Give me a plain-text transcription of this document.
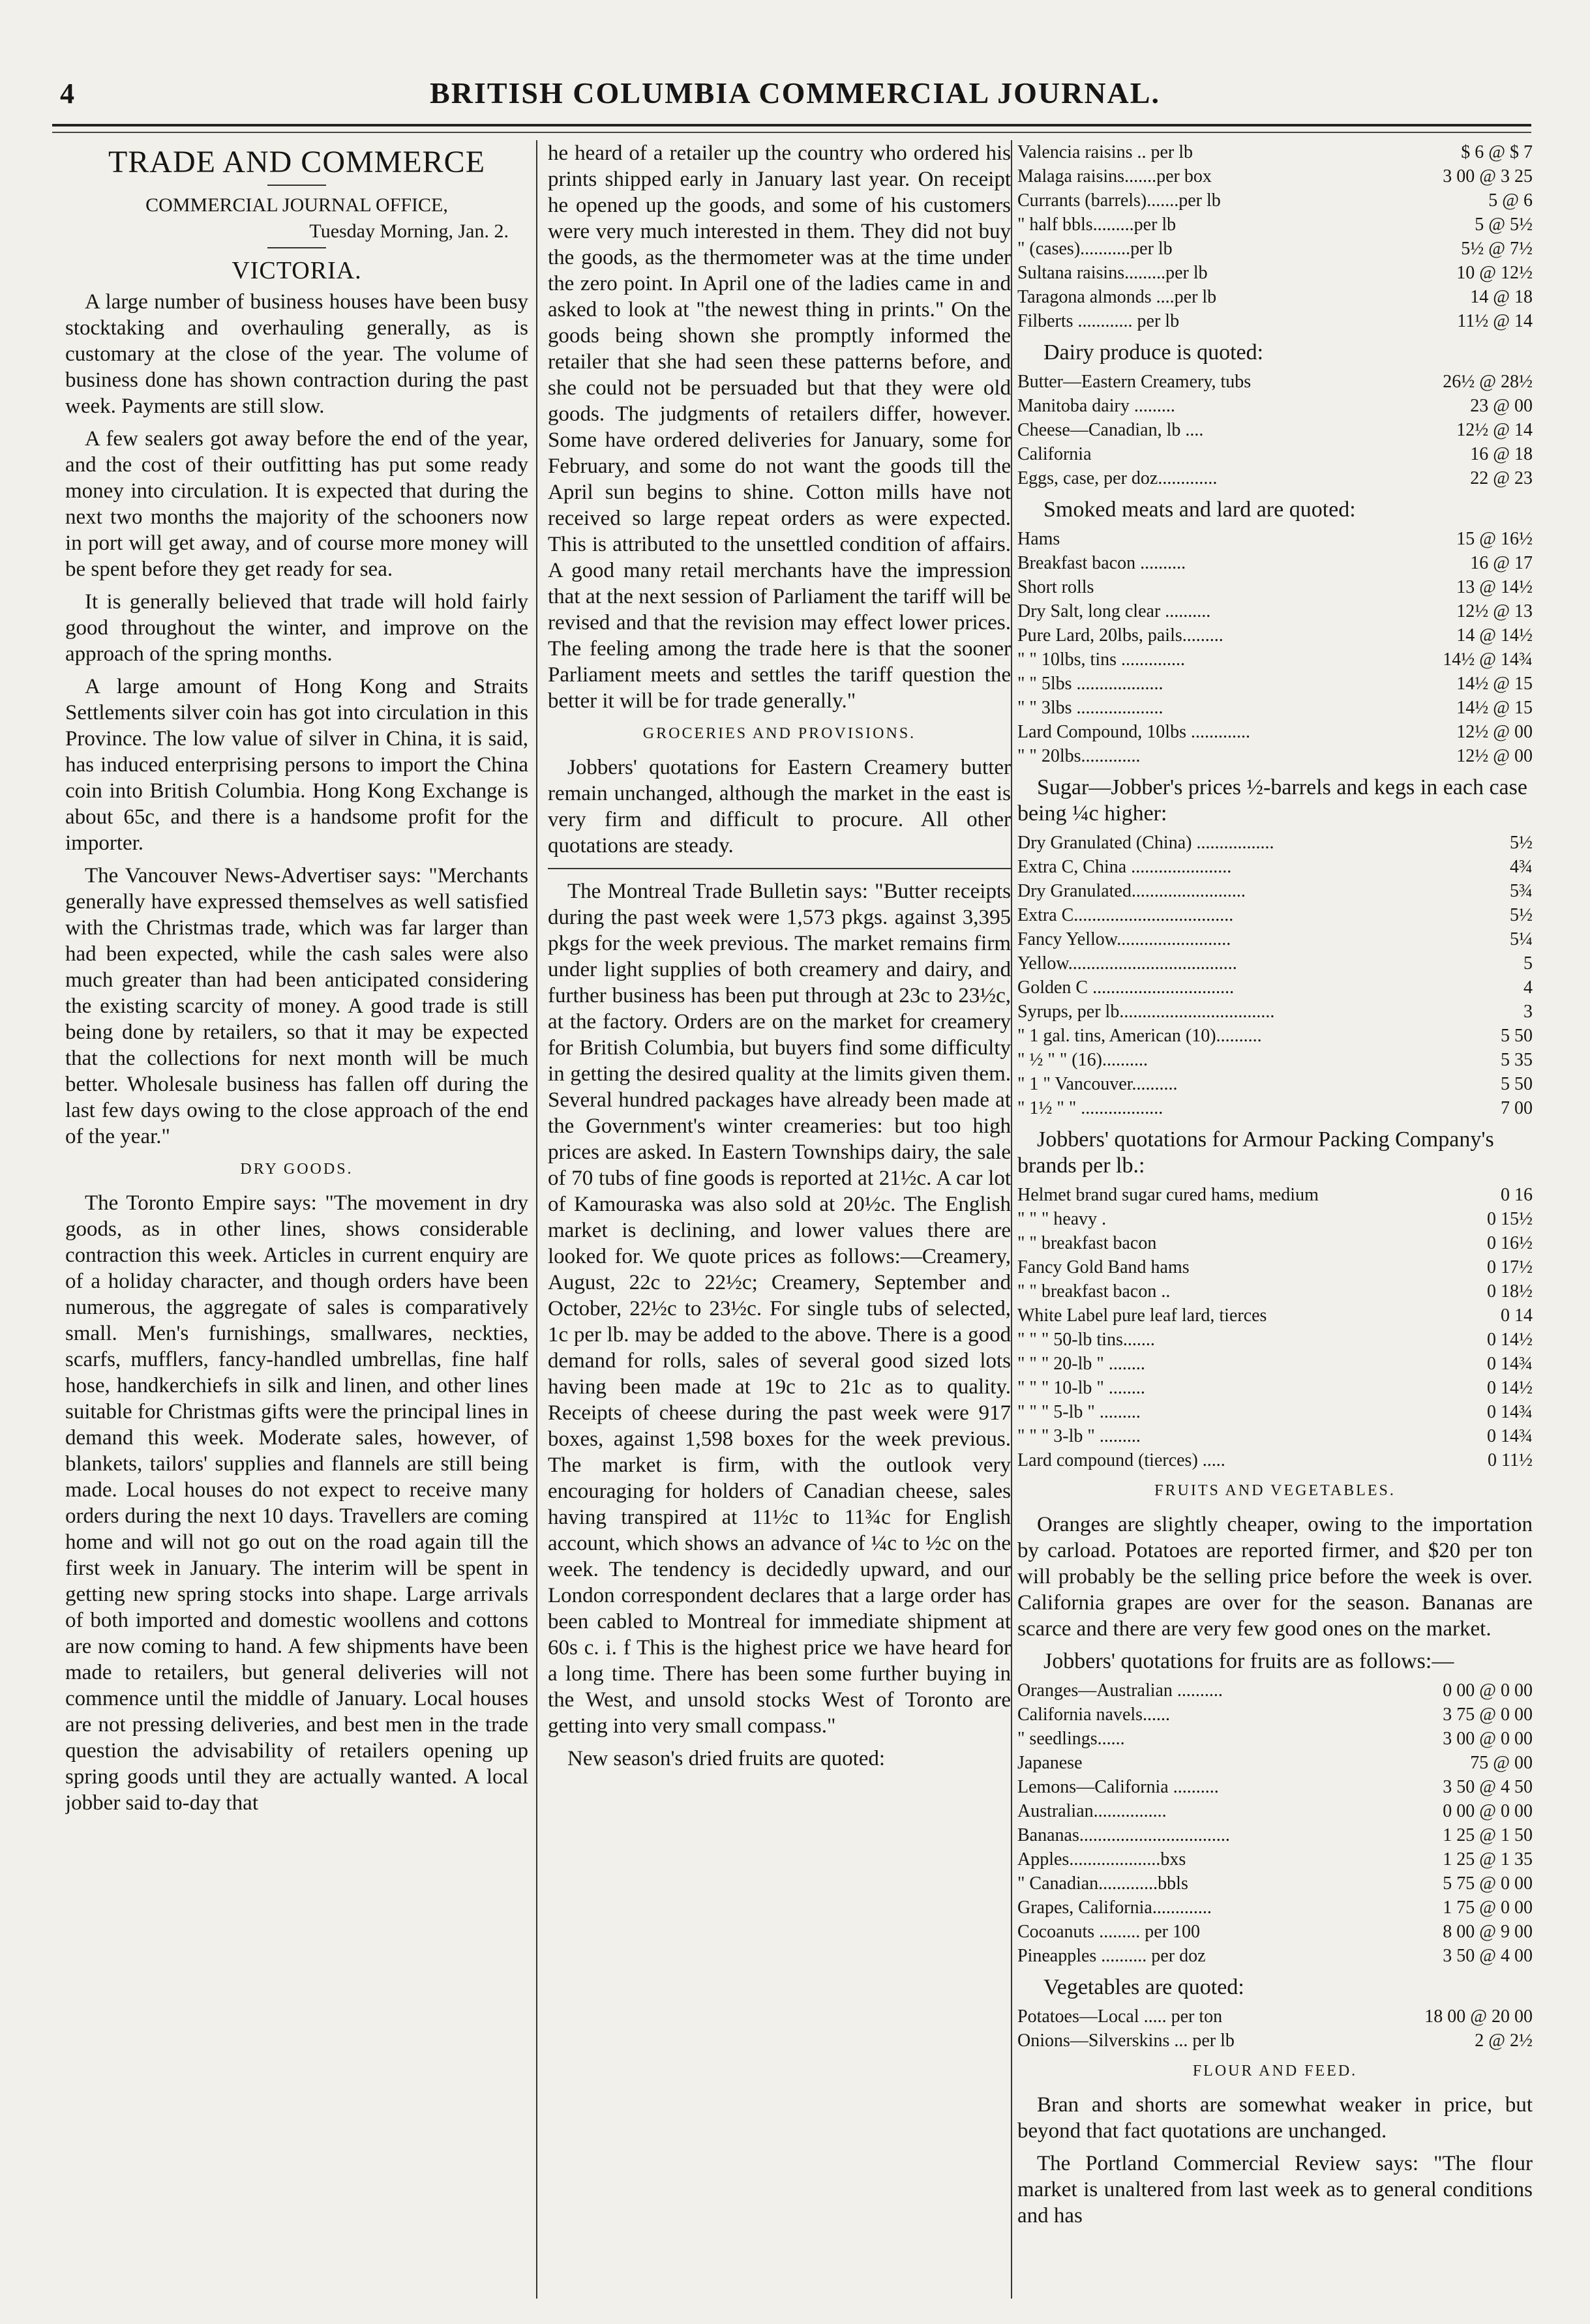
4	BRITISH COLUMBIA COMMERCIAL JOURNAL.
TRADE AND COMMERCE
COMMERCIAL JOURNAL OFFICE,
Tuesday Morning, Jan. 2.
VICTORIA.

A large number of business houses have been busy stocktaking and overhauling generally, as is customary at the close of the year. The volume of business done has shown contraction during the past week. Payments are still slow.

A few sealers got away before the end of the year, and the cost of their outfitting has put some ready money into circulation. It is expected that during the next two months the majority of the schooners now in port will get away, and of course more money will be spent before they get ready for sea.

It is generally believed that trade will hold fairly good throughout the winter, and improve on the approach of the spring months.

A large amount of Hong Kong and Straits Settlements silver coin has got into circulation in this Province. The low value of silver in China, it is said, has induced enterprising persons to import the China coin into British Columbia. Hong Kong Exchange is about 65c, and there is a handsome profit for the importer.

The Vancouver News-Advertiser says: "Merchants generally have expressed themselves as well satisfied with the Christmas trade, which was far larger than had been expected, while the cash sales were also much greater than had been anticipated considering the existing scarcity of money. A good trade is still being done by retailers, so that it may be expected that the collections for next month will be much better. Wholesale business has fallen off during the last few days owing to the close approach of the end of the year."

DRY GOODS.

The Toronto Empire says: "The movement in dry goods, as in other lines, shows considerable contraction this week. Articles in current enquiry are of a holiday character, and though orders have been numerous, the aggregate of sales is comparatively small. Men's furnishings, smallwares, neckties, scarfs, mufflers, fancy-handled umbrellas, fine half hose, handkerchiefs in silk and linen, and other lines suitable for Christmas gifts were the principal lines in demand this week. Moderate sales, however, of blankets, tailors' supplies and flannels are still being made. Local houses do not expect to receive many orders during the next 10 days. Travellers are coming home and will not go out on the road again till the first week in January. The interim will be spent in getting new spring stocks into shape. Large arrivals of both imported and domestic woollens and cottons are now coming to hand. A few shipments have been made to retailers, but general deliveries will not commence until the middle of January. Local houses are not pressing deliveries, and best men in the trade question the advisability of retailers opening up spring goods until they are actually wanted. A local jobber said to-day that

he heard of a retailer up the country who ordered his prints shipped early in January last year. On receipt he opened up the goods, and some of his customers were very much interested in them. They did not buy the goods, as the thermometer was at the time under the zero point. In April one of the ladies came in and asked to look at "the newest thing in prints." On the goods being shown she promptly informed the retailer that she had seen these patterns before, and she could not be persuaded but that they were old goods. The judgments of retailers differ, however. Some have ordered deliveries for January, some for February, and some do not want the goods till the April sun begins to shine. Cotton mills have not received so large repeat orders as were expected. This is attributed to the unsettled condition of affairs. A good many retail merchants have the impression that at the next session of Parliament the tariff will be revised and that the revision may effect lower prices. The feeling among the trade here is that the sooner Parliament meets and settles the tariff question the better it will be for trade generally."

GROCERIES AND PROVISIONS.

Jobbers' quotations for Eastern Creamery butter remain unchanged, although the market in the east is very firm and difficult to procure. All other quotations are steady.

The Montreal Trade Bulletin says: "Butter receipts during the past week were 1,573 pkgs. against 3,395 pkgs for the week previous. The market remains firm under light supplies of both creamery and dairy, and further business has been put through at 23c to 23½c, at the factory. Orders are on the market for creamery for British Columbia, but buyers find some difficulty in getting the desired quality at the limits given them. Several hundred packages have already been made at the Government's winter creameries: but too high prices are asked. In Eastern Townships dairy, the sale of 70 tubs of fine goods is reported at 21½c. A car lot of Kamouraska was also sold at 20½c. The English market is declining, and lower values there are looked for. We quote prices as follows:—Creamery, August, 22c to 22½c; Creamery, September and October, 22½c to 23½c. For single tubs of selected, 1c per lb. may be added to the above. There is a good demand for rolls, sales of several good sized lots having been made at 19c to 21c as to quality. Receipts of cheese during the past week were 917 boxes, against 1,598 boxes for the week previous. The market is firm, with the outlook very encouraging for holders of Canadian cheese, sales having transpired at 11½c to 11¾c for English account, which shows an advance of ¼c to ½c on the week. The tendency is decidedly upward, and our London correspondent declares that a large order has been cabled to Montreal for immediate shipment at 60s c. i. f This is the highest price we have heard for a long time. There has been some further buying in the West, and unsold stocks West of Toronto are getting into very small compass."

New season's dried fruits are quoted:

Valencia raisins .. per lb	$ 6 @ $ 7
Malaga raisins.......per box	3 00 @ 3 25
Currants (barrels).......per lb	5 @ 6
" half bbls.........per lb	5 @ 5½
" (cases)...........per lb	5½ @ 7½
Sultana raisins.........per lb	10 @ 12½
Taragona almonds ....per lb	14 @ 18
Filberts ............ per lb	11½ @ 14
Dairy produce is quoted:
Butter—Eastern Creamery, tubs	26½ @ 28½
Manitoba dairy .........	23 @ 00
Cheese—Canadian, lb ....	12½ @ 14
California	16 @ 18
Eggs, case, per doz.............	22 @ 23
Smoked meats and lard are quoted:
Hams	15 @ 16½
Breakfast bacon ..........	16 @ 17
Short rolls	13 @ 14½
Dry Salt, long clear ..........	12½ @ 13
Pure Lard, 20lbs, pails.........	14 @ 14½
" " 10lbs, tins ..............	14½ @ 14¾
" " 5lbs ...................	14½ @ 15
" " 3lbs ...................	14½ @ 15
Lard Compound, 10lbs .............	12½ @ 00
" " 20lbs.............	12½ @ 00
Sugar—Jobber's prices ½-barrels and kegs in each case being ¼c higher:
Dry Granulated (China) .................	5½
Extra C, China ......................	4¾
Dry Granulated.........................	5¾
Extra C...................................	5½
Fancy Yellow.........................	5¼
Yellow.....................................	5
Golden C ...............................	4
Syrups, per lb..................................	3
" 1 gal. tins, American (10)..........	5 50
" ½ " " (16)..........	5 35
" 1 " Vancouver..........	5 50
" 1½ " " ..................	7 00
Jobbers' quotations for Armour Packing Company's brands per lb.:
Helmet brand sugar cured hams, medium	0 16
" " " heavy .	0 15½
" " breakfast bacon	0 16½
Fancy Gold Band hams	0 17½
" " breakfast bacon ..	0 18½
White Label pure leaf lard, tierces	0 14
" " " 50-lb tins.......	0 14½
" " " 20-lb " ........	0 14¾
" " " 10-lb " ........	0 14½
" " " 5-lb " .........	0 14¾
" " " 3-lb " .........	0 14¾
Lard compound (tierces) .....	0 11½
FRUITS AND VEGETABLES.

Oranges are slightly cheaper, owing to the importation by carload. Potatoes are reported firmer, and $20 per ton will probably be the selling price before the week is over. California grapes are over for the season. Bananas are scarce and there are very few good ones on the market.

Jobbers' quotations for fruits are as follows:—
Oranges—Australian ..........	0 00 @ 0 00
California navels......	3 75 @ 0 00
" seedlings......	3 00 @ 0 00
Japanese	75 @ 00
Lemons—California ..........	3 50 @ 4 50
Australian................	0 00 @ 0 00
Bananas.................................	1 25 @ 1 50
Apples....................bxs	1 25 @ 1 35
" Canadian.............bbls	5 75 @ 0 00
Grapes, California.............	1 75 @ 0 00
Cocoanuts ......... per 100	8 00 @ 9 00
Pineapples .......... per doz	3 50 @ 4 00
Vegetables are quoted:
Potatoes—Local ..... per ton	18 00 @ 20 00
Onions—Silverskins ... per lb	2 @ 2½
FLOUR AND FEED.

Bran and shorts are somewhat weaker in price, but beyond that fact quotations are unchanged.

The Portland Commercial Review says: "The flour market is unaltered from last week as to general conditions and has
